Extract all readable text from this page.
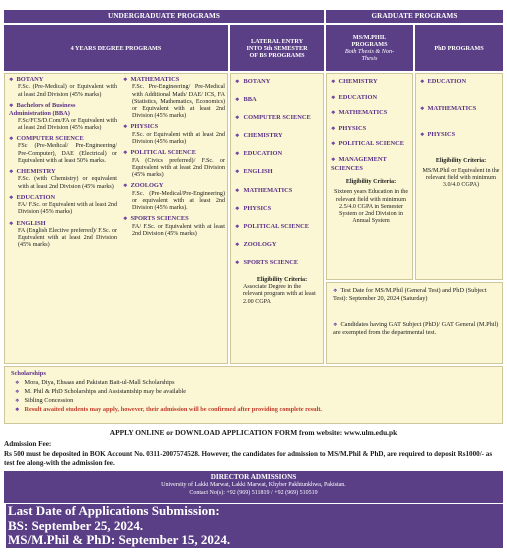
UNDERGRADUATE PROGRAMS	GRADUATE PROGRAMS
4 YEARS DEGREE PROGRAMS
LATERAL ENTRY
INTO 5th SEMESTER
OF BS PROGRAMS
MS/M.PHIL
PROGRAMS
Both Thesis & Non-
Thesis
PhD PROGRAMS
❖ BOTANY
F.Sc. (Pre-Medical) or Equivalent with at least 2nd Division (45% marks)
❖ Bachelors of Business Administration (BBA)
F.Sc/FCS/D.Com/FA or Equivalent with at least 2nd Division (45% marks)
❖ COMPUTER SCIENCE
FSc (Pre-Medical/ Pre-Engineering/ Pre-Computer), DAE (Electrical) or Equivalent with at least 50% marks.
❖ CHEMISTRY
F.Sc. (with Chemistry) or equivalent with at least 2nd Division (45% marks)
❖ EDUCATION
FA/ F.Sc. or Equivalent with at least 2nd Division (45% marks)
❖ ENGLISH
FA (English Elective preferred)/ F.Sc. or Equivalent with at least 2nd Division (45% marks)
❖ MATHEMATICS
F.Sc. Pre-Engineering/ Pre-Medical with Additional Math/ DAE/ ICS, FA (Statistics, Mathematics, Economics) or Equivalent with at least 2nd Division (45% marks)
❖ PHYSICS
F.Sc. or Equivalent with at least 2nd Division (45% marks)
❖ POLITICAL SCIENCE
FA (Civics preferred)/ F.Sc. or Equivalent with at least 2nd Division (45% marks)
❖ ZOOLOGY
F.Sc. (Pre-Medical/Pre-Engineering) or equivalent with at least 2nd Division (45% marks).
❖ SPORTS SCIENCES
FA/ F.Sc. or Equivalent with at least 2nd Division (45% marks)
❖ BOTANY
❖ BBA
❖ COMPUTER SCIENCE
❖ CHEMISTRY
❖ EDUCATION
❖ ENGLISH
❖ MATHEMATICS
❖ PHYSICS
❖ POLITICAL SCIENCE
❖ ZOOLOGY
❖ SPORTS SCIENCE
Eligibility Criteria:
Associate Degree in the relevant program with at least 2.00 CGPA
❖ CHEMISTRY
❖ EDUCATION
❖ MATHEMATICS
❖ PHYSICS
❖ POLITICAL SCIENCE
❖ MANAGEMENT SCIENCES
Eligibility Criteria:
Sixteen years Education in the relevant field with minimum 2.5/4.0 CGPA in Semester System or 2nd Division in Annual System
❖ EDUCATION
❖ MATHEMATICS
❖ PHYSICS
Eligibility Criteria:
MS/M.Phil or Equivalent in the relevant field with minimum 3.0/4.0 CGPA)
❖ Test Date for MS/M.Phil (General Test) and PhD (Subject Test): September 20, 2024 (Saturday)
❖ Candidates having GAT Subject (PhD)/ GAT General (M.Phil) are exempted from the departmental test.
Scholarships
❖ Mora, Diya, Ehsaas and Pakistan Bait-ul-Mall Scholarships
❖ M. Phil & PhD Scholarships and Assistantship may be available
❖ Sibling Concession
❖ Result awaited students may apply, however, their admission will be confirmed after providing complete result.
APPLY ONLINE or DOWNLOAD APPLICATION FORM from website: www.ulm.edu.pk
Admission Fee:
Rs 500 must be deposited in BOK Account No. 0311-2007574528. However, the candidates for admission to MS/M.Phil & PhD, are required to deposit Rs1000/- as test fee along-with the admission fee.
DIRECTOR ADMISSIONS
University of Lakki Marwat, Lakki Marwat, Khyber Pakhtunkhwa, Pakistan.
Contact No(s): +92 (969) 511819 / +92 (969) 510519
Last Date of Applications Submission:
BS: September 25, 2024.
MS/M.Phil & PhD: September 15, 2024.
